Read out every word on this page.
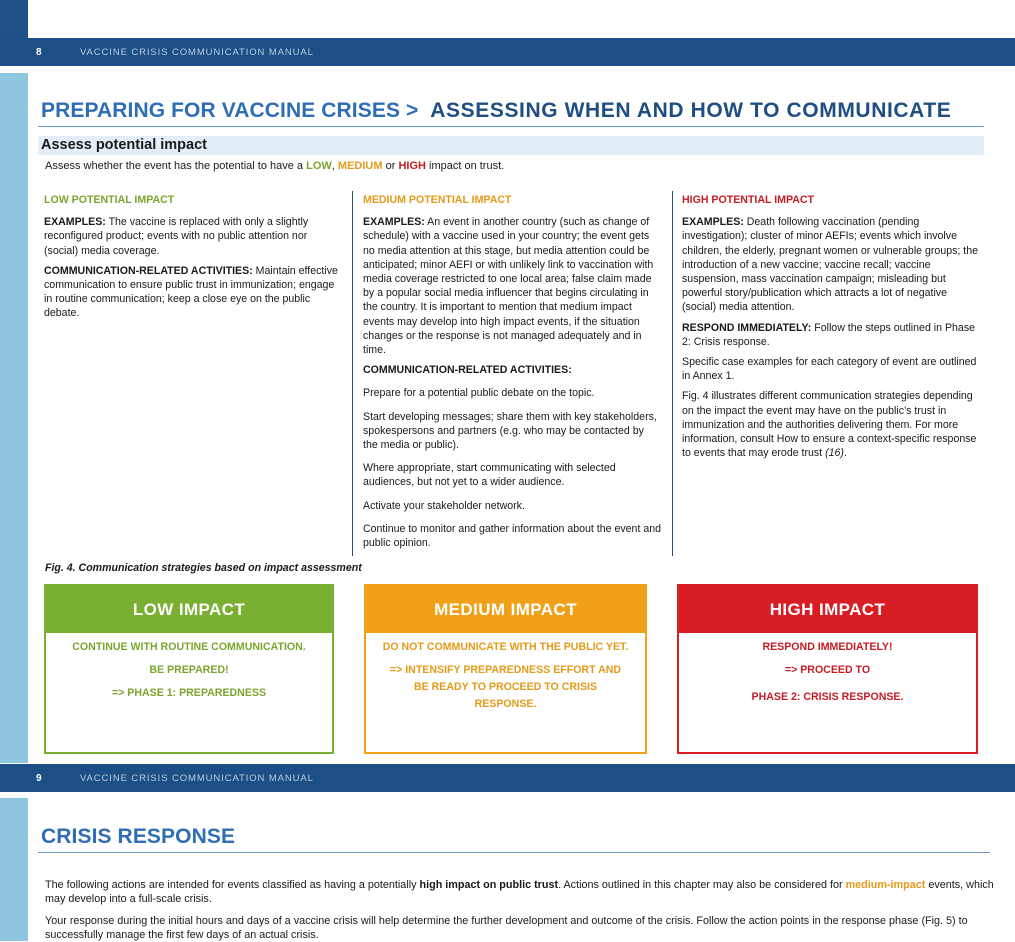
8	VACCINE CRISIS COMMUNICATION MANUAL
PREPARING FOR VACCINE CRISES > ASSESSING WHEN AND HOW TO COMMUNICATE
Assess potential impact
Assess whether the event has the potential to have a LOW, MEDIUM or HIGH impact on trust.
LOW POTENTIAL IMPACT

EXAMPLES: The vaccine is replaced with only a slightly reconfigured product; events with no public attention nor (social) media coverage.

COMMUNICATION-RELATED ACTIVITIES: Maintain effective communication to ensure public trust in immunization; engage in routine communication; keep a close eye on the public debate.

MEDIUM POTENTIAL IMPACT

EXAMPLES: An event in another country (such as change of schedule) with a vaccine used in your country; the event gets no media attention at this stage, but media attention could be anticipated; minor AEFI or with unlikely link to vaccination with media coverage restricted to one local area; false claim made by a popular social media influencer that begins circulating in the country. It is important to mention that medium impact events may develop into high impact events, if the situation changes or the response is not managed adequately and in time.

COMMUNICATION-RELATED ACTIVITIES:

Prepare for a potential public debate on the topic.

Start developing messages; share them with key stakeholders, spokespersons and partners (e.g. who may be contacted by the media or public).

Where appropriate, start communicating with selected audiences, but not yet to a wider audience.

Activate your stakeholder network.

Continue to monitor and gather information about the event and public opinion.

HIGH POTENTIAL IMPACT

EXAMPLES: Death following vaccination (pending investigation); cluster of minor AEFIs; events which involve children, the elderly, pregnant women or vulnerable groups; the introduction of a new vaccine; vaccine recall; vaccine suspension, mass vaccination campaign; misleading but powerful story/publication which attracts a lot of negative (social) media attention.

RESPOND IMMEDIATELY: Follow the steps outlined in Phase 2: Crisis response.

Specific case examples for each category of event are outlined in Annex 1.

Fig. 4 illustrates different communication strategies depending on the impact the event may have on the public’s trust in immunization and the authorities delivering them. For more information, consult How to ensure a context-specific response to events that may erode trust (16).

Fig. 4. Communication strategies based on impact assessment
LOW IMPACT

CONTINUE WITH ROUTINE COMMUNICATION.

BE PREPARED!

=> PHASE 1: PREPAREDNESS

MEDIUM IMPACT

DO NOT COMMUNICATE WITH THE PUBLIC YET.

=> INTENSIFY PREPAREDNESS EFFORT AND BE READY TO PROCEED TO CRISIS RESPONSE.

HIGH IMPACT

RESPOND IMMEDIATELY!

=> PROCEED TO

PHASE 2: CRISIS RESPONSE.

9	VACCINE CRISIS COMMUNICATION MANUAL
CRISIS RESPONSE
The following actions are intended for events classified as having a potentially high impact on public trust. Actions outlined in this chapter may also be considered for medium-impact events, which may develop into a full-scale crisis.
Your response during the initial hours and days of a vaccine crisis will help determine the further development and outcome of the crisis. Follow the action points in the response phase (Fig. 5) to successfully manage the first few days of an actual crisis.
